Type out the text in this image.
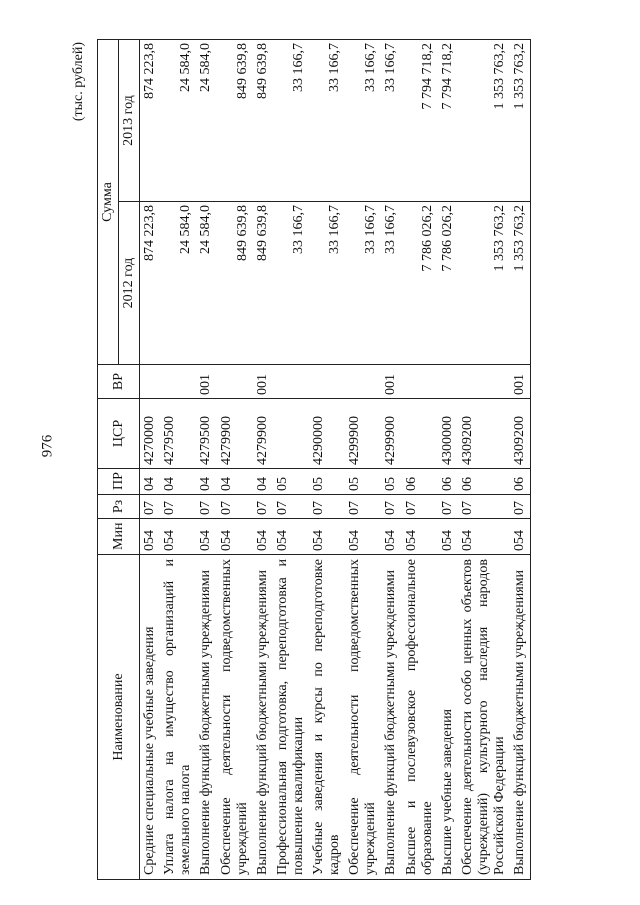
976
(тыс. рублей)
Наименование	Мин	Рз	ПР	ЦСР	ВР	Сумма	
						2012 год	2013 год
Средние специальные учебные заведения	054	07	04	4270000		874 223,8	874 223,8
Уплата налога на имущество организаций и земельного налога	054	07	04	4279500		24 584,0	24 584,0
Выполнение функций бюджетными учреждениями	054	07	04	4279500	001	24 584,0	24 584,0
Обеспечение деятельности подведомственных учреждений	054	07	04	4279900		849 639,8	849 639,8
Выполнение функций бюджетными учреждениями	054	07	04	4279900	001	849 639,8	849 639,8
Профессиональная подготовка, переподготовка и повышение квалификации	054	07	05			33 166,7	33 166,7
Учебные заведения и курсы по переподготовке кадров	054	07	05	4290000		33 166,7	33 166,7
Обеспечение деятельности подведомственных учреждений	054	07	05	4299900		33 166,7	33 166,7
Выполнение функций бюджетными учреждениями	054	07	05	4299900	001	33 166,7	33 166,7
Высшее и послевузовское профессиональное образование	054	07	06			7 786 026,2	7 794 718,2
Высшие учебные заведения	054	07	06	4300000		7 786 026,2	7 794 718,2
Обеспечение деятельности особо ценных объектов (учреждений) культурного наследия народов Российской Федерации	054	07	06	4309200		1 353 763,2	1 353 763,2
Выполнение функций бюджетными учреждениями	054	07	06	4309200	001	1 353 763,2	1 353 763,2
